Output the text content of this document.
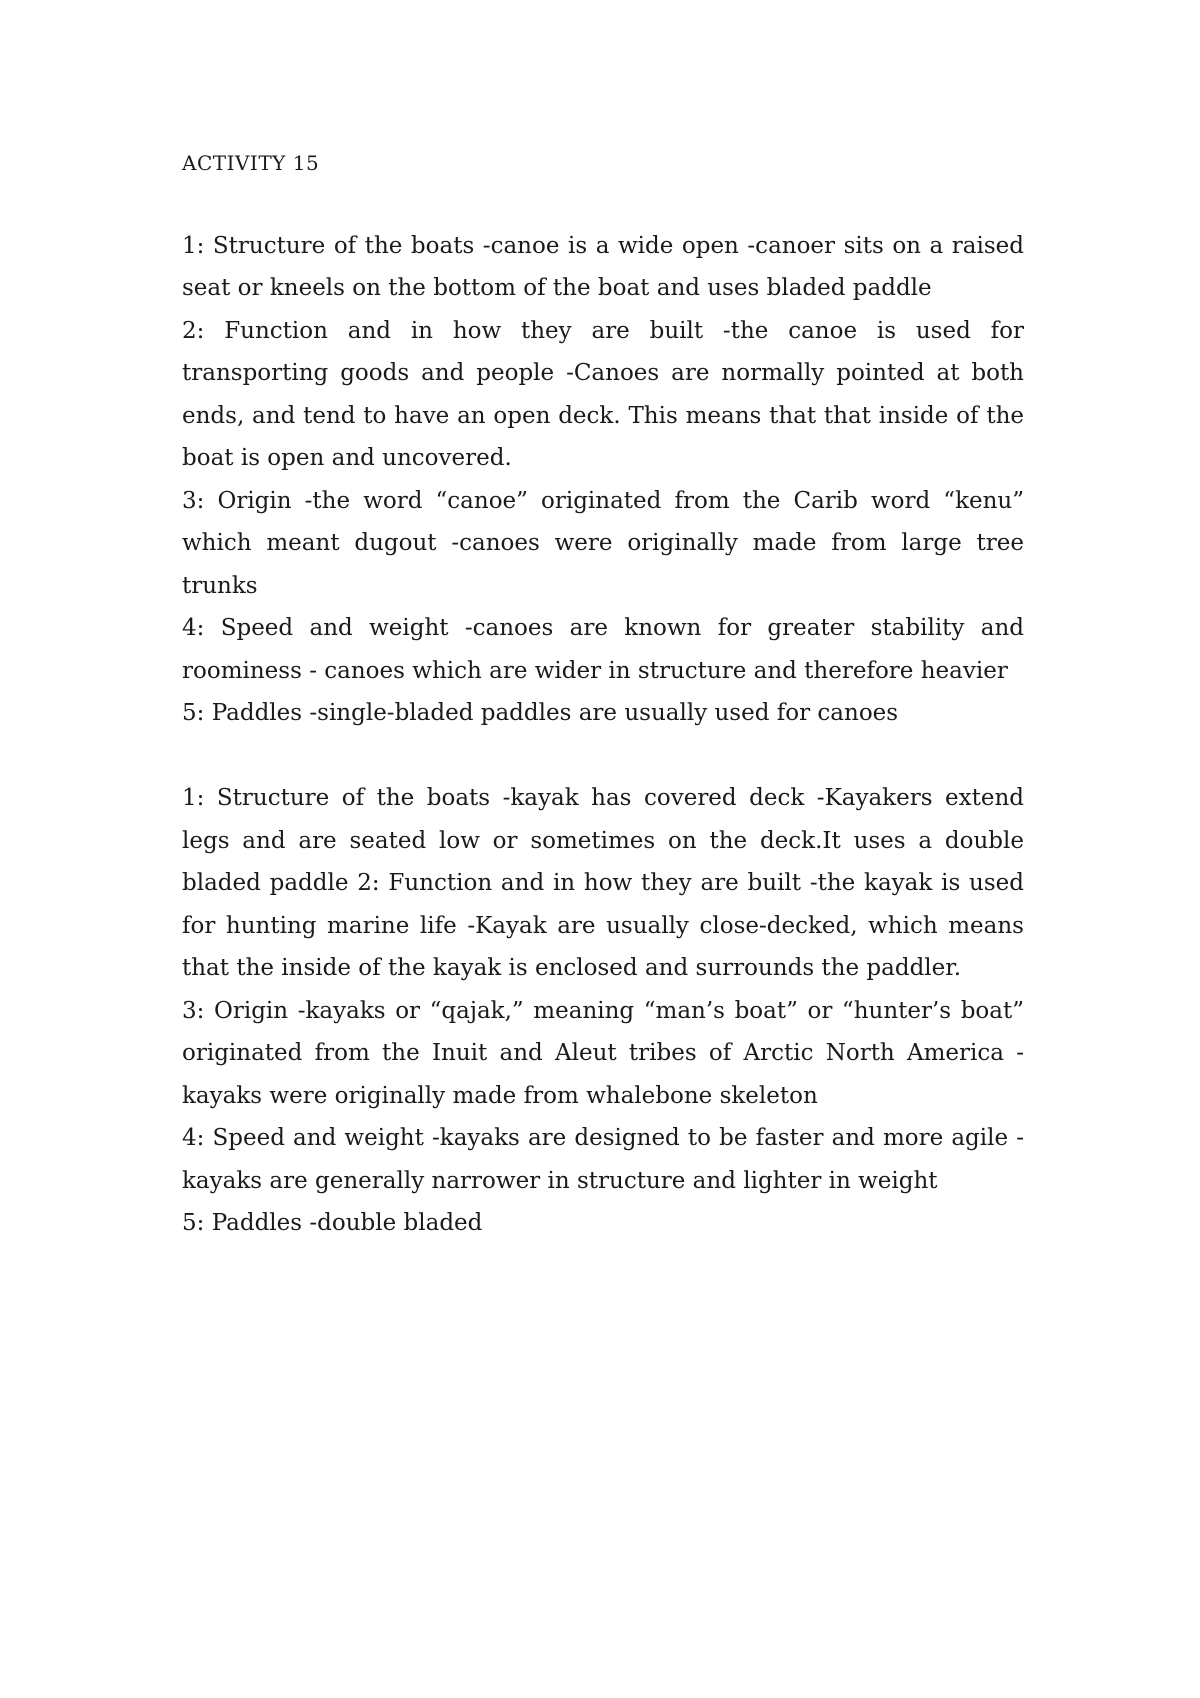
ACTIVITY 15

1: Structure of the boats -canoe is a wide open -canoer sits on a raised seat or kneels on the bottom of the boat and uses bladed paddle

2: Function and in how they are built -the canoe is used for transporting goods and people -Canoes are normally pointed at both ends, and tend to have an open deck. This means that that inside of the boat is open and uncovered.

3: Origin -the word “canoe” originated from the Carib word “kenu” which meant dugout -canoes were originally made from large tree trunks

4: Speed and weight -canoes are known for greater stability and roominess - canoes which are wider in structure and therefore heavier

5: Paddles -single-bladed paddles are usually used for canoes

1: Structure of the boats -kayak has covered deck -Kayakers extend legs and are seated low or sometimes on the deck.It uses a double bladed paddle 2: Function and in how they are built -the kayak is used for hunting marine life -Kayak are usually close-decked, which means that the inside of the kayak is enclosed and surrounds the paddler.

3: Origin -kayaks or “qajak,” meaning “man’s boat” or “hunter’s boat” originated from the Inuit and Aleut tribes of Arctic North America -kayaks were originally made from whalebone skeleton

4: Speed and weight -kayaks are designed to be faster and more agile -kayaks are generally narrower in structure and lighter in weight

5: Paddles -double bladed
